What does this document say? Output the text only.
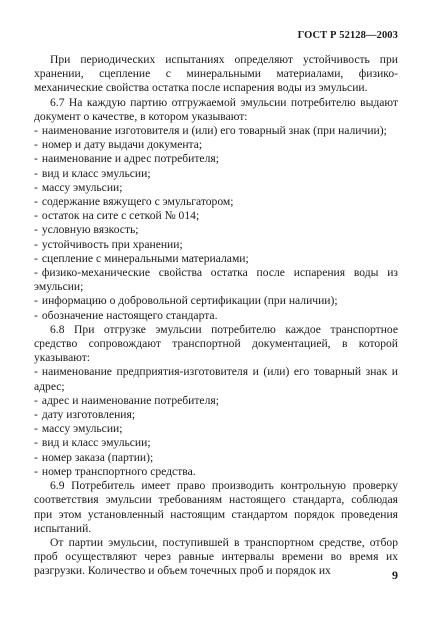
ГОСТ Р 52128—2003

При периодических испытаниях определяют устойчивость при хранении, сцепление с минеральными материалами, физико-механические свойства остатка после испарения воды из эмульсии.

6.7 На каждую партию отгружаемой эмульсии потребителю выдают документ о качестве, в котором указывают:

- наименование изготовителя и (или) его товарный знак (при наличии);

- номер и дату выдачи документа;

- наименование и адрес потребителя;

- вид и класс эмульсии;

- массу эмульсии;

- содержание вяжущего с эмульгатором;

- остаток на сите с сеткой № 014;

- условную вязкость;

- устойчивость при хранении;

- сцепление с минеральными материалами;

- физико-механические свойства остатка после испарения воды из эмульсии;

- информацию о добровольной сертификации (при наличии);

- обозначение настоящего стандарта.

6.8 При отгрузке эмульсии потребителю каждое транспортное средство сопровождают транспортной документацией, в которой указывают:

- наименование предприятия-изготовителя и (или) его товарный знак и адрес;

- адрес и наименование потребителя;

- дату изготовления;

- массу эмульсии;

- вид и класс эмульсии;

- номер заказа (партии);

- номер транспортного средства.

6.9 Потребитель имеет право производить контрольную проверку соответствия эмульсии требованиям настоящего стандарта, соблюдая при этом установленный настоящим стандартом порядок проведения испытаний.

От партии эмульсии, поступившей в транспортном средстве, отбор проб осуществляют через равные интервалы времени во время их разгрузки. Количество и объем точечных проб и порядок их	9
